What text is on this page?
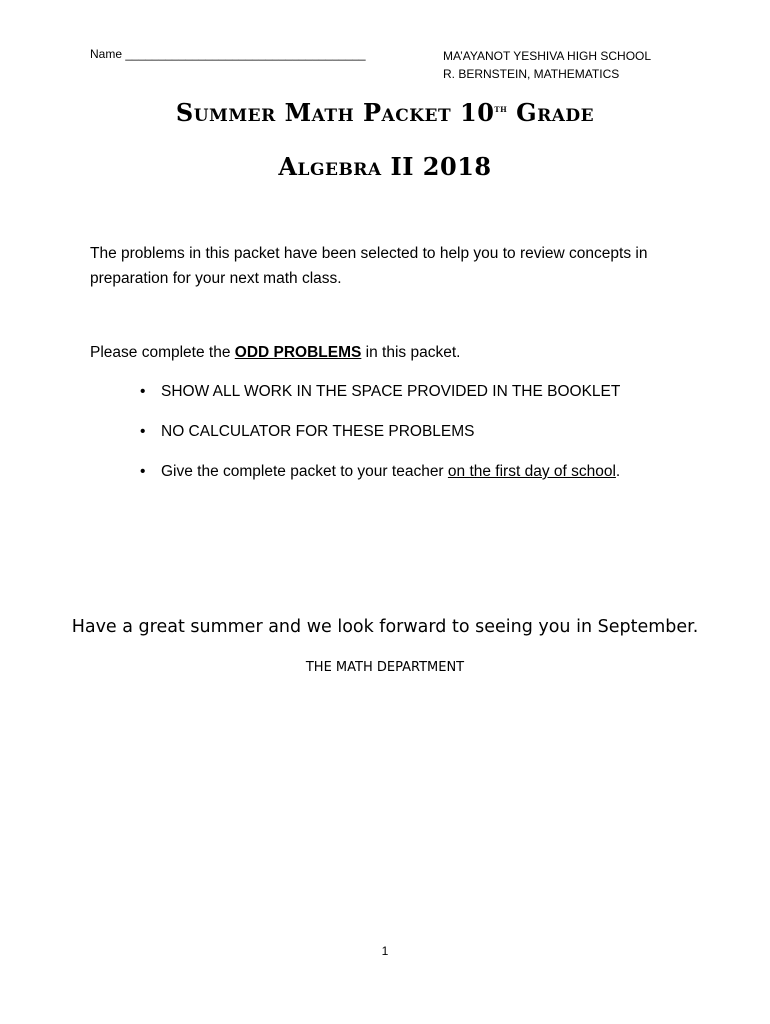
Name ____________________________________	MA’AYANOT YESHIVA HIGH SCHOOL
R. BERNSTEIN, MATHEMATICS
Summer Math Packet 10th Grade
Algebra II 2018
The problems in this packet have been selected to help you to review concepts in preparation for your next math class.
Please complete the ODD PROBLEMS in this packet.
• SHOW ALL WORK IN THE SPACE PROVIDED IN THE BOOKLET
• NO CALCULATOR FOR THESE PROBLEMS
• Give the complete packet to your teacher on the first day of school.
Have a great summer and we look forward to seeing you in September.
THE MATH DEPARTMENT
1
